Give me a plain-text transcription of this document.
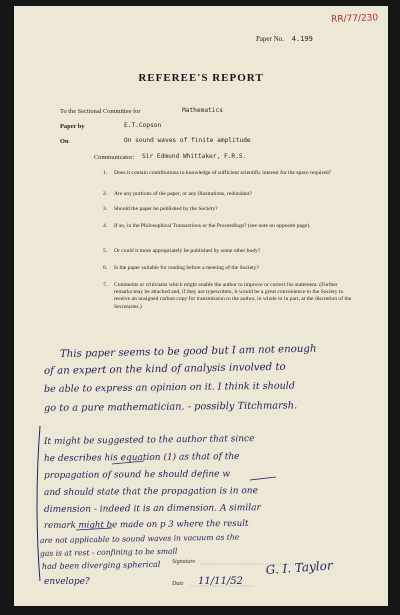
RR/77/230
Paper No. 4.199
REFEREE'S REPORT
To the Sectional Committee for	Mathematics
Paper by	E.T.Copson
On	On sound waves of finite amplitude
Communicator: Sir Edmund Whittaker, F.R.S.
1. Does it contain contributions to knowledge of sufficient scientific interest for the space required?
2. Are any portions of the paper, or any illustrations, redundant?
3. Should the paper be published by the Society?
4. If so, in the Philosophical Transactions or the Proceedings? (see note on opposite page).
5. Or could it more appropriately be published by some other body?
6. Is the paper suitable for reading before a meeting of the Society?
7. Comments or criticisms which might enable the author to improve or correct his statement. (Further remarks may be attached and, if they are typewritten, it would be a great convenience to the Society to receive an unsigned carbon copy for transmission to the author, in whole or in part, at the discretion of the Secretaries.)
This paper seems to be good but I am not enough
of an expert on the kind of analysis involved to
be able to express an opinion on it. I think it should
go to a pure mathematician. - possibly Titchmarsh.
It might be suggested to the author that since
he describes his equation (1) as that of the
propagation of sound he should define w
and should state that the propagation is in one
dimension - indeed it is an dimension. A similar
remark might be made on p 3 where the result
are not applicable to sound waves in vacuum as the
gas is at rest - confining to be small
had been diverging spherical
envelope?
Signature
Date
G. I. Taylor
11/11/52
